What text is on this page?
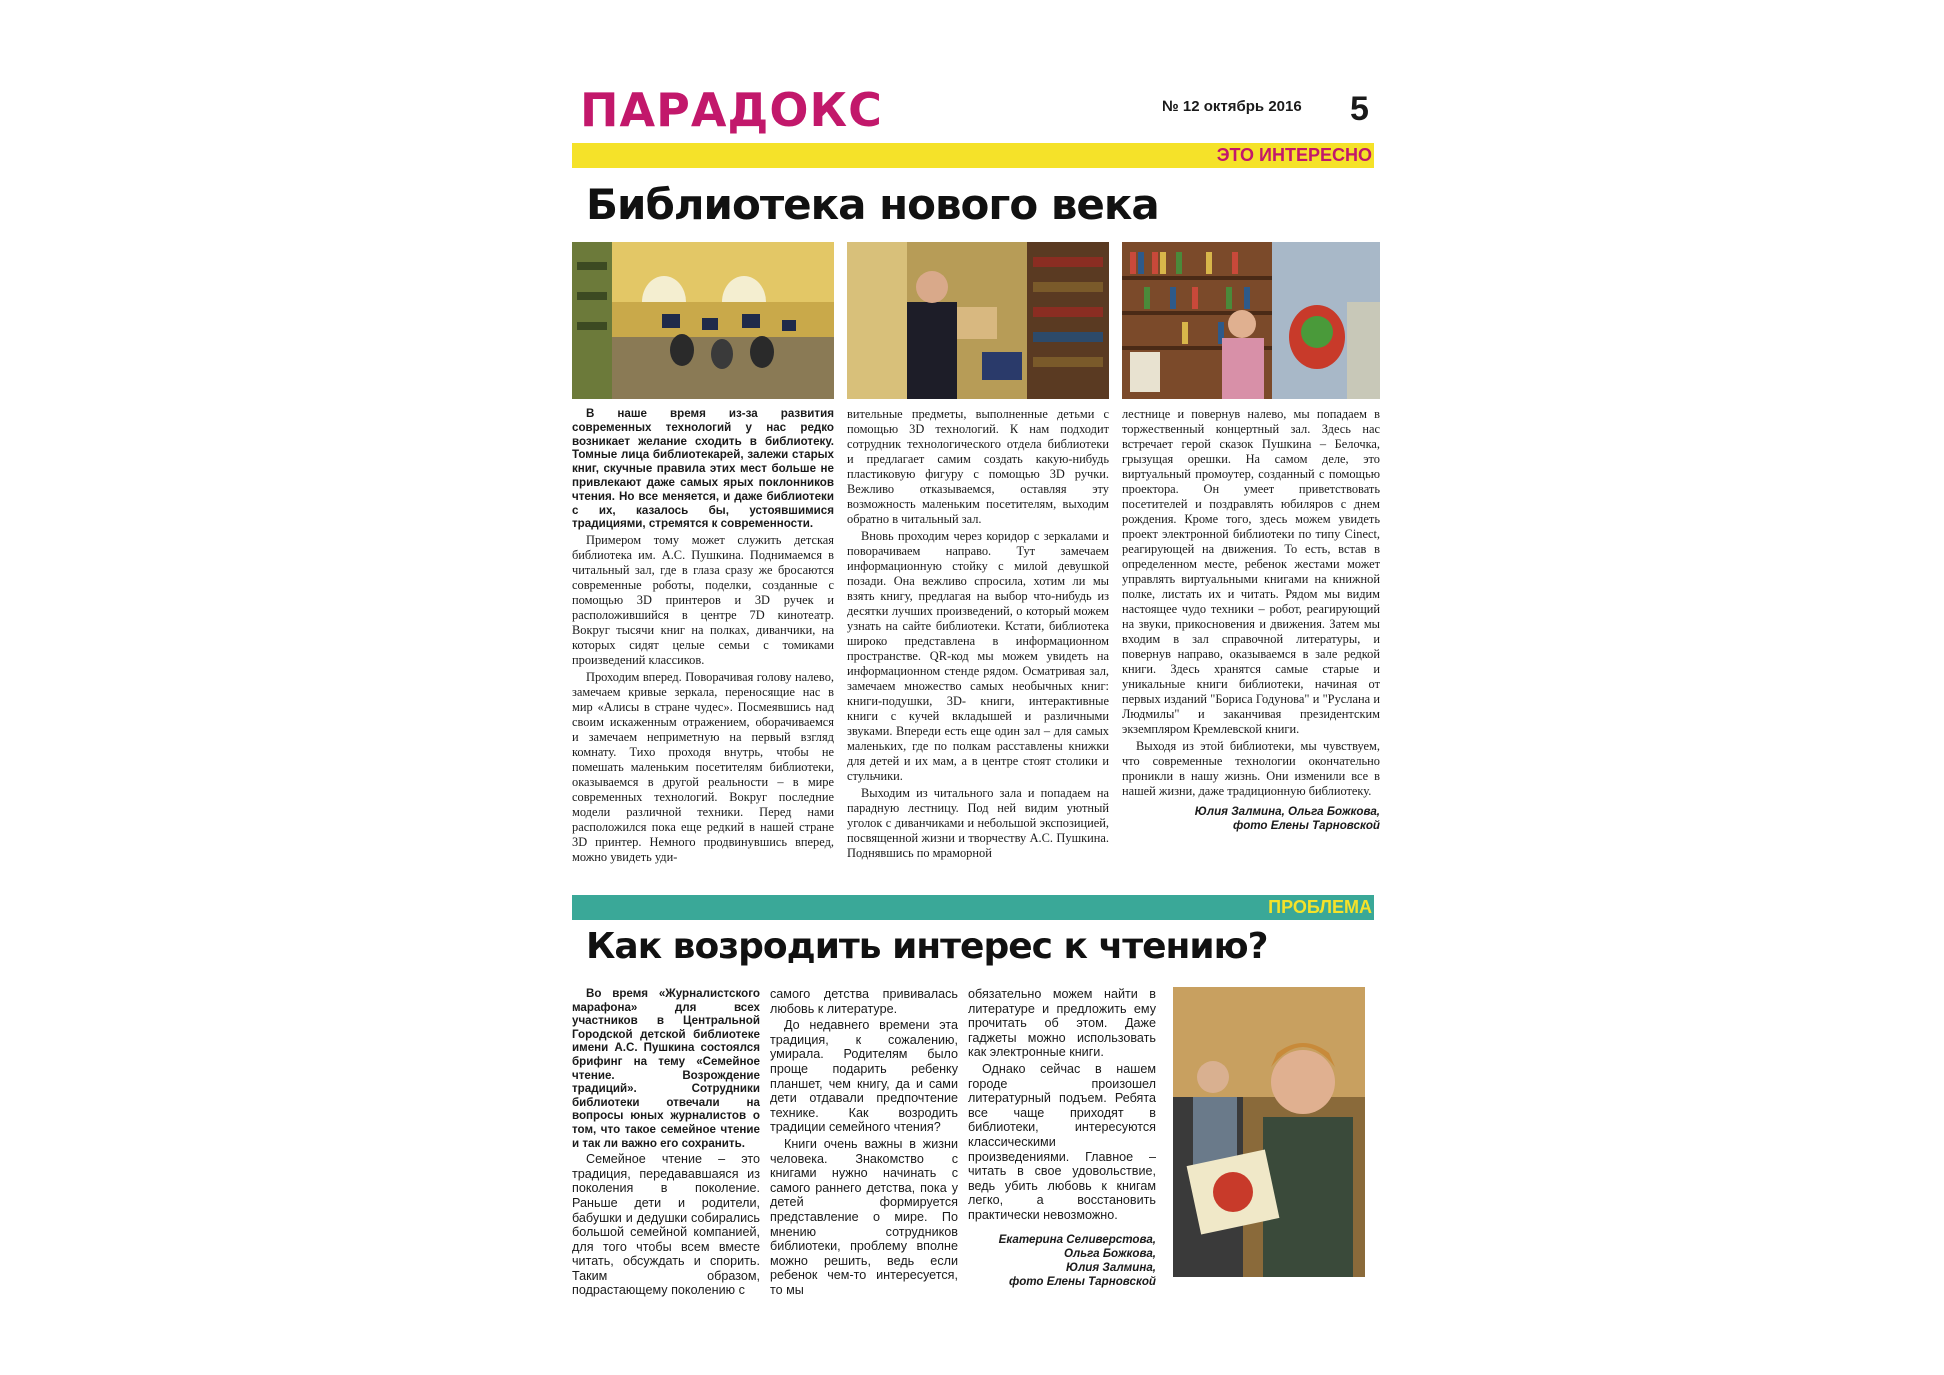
ПАРАДОКС	№ 12 октябрь 2016 5
ЭТО ИНТЕРЕСНО
Библиотека нового века

В наше время из-за развития современных технологий у нас редко возникает желание сходить в библиотеку. Томные лица библиотекарей, залежи старых книг, скучные правила этих мест больше не привлекают даже самых ярых поклонников чтения. Но все меняется, и даже библиотеки с их, казалось бы, устоявшимися традициями, стремятся к современности.

Примером тому может служить детская библиотека им. А.С. Пушкина. Поднимаемся в читальный зал, где в глаза сразу же бросаются современные роботы, поделки, созданные с помощью 3D принтеров и 3D ручек и расположившийся в центре 7D кинотеатр. Вокруг тысячи книг на полках, диванчики, на которых сидят целые семьи с томиками произведений классиков.

Проходим вперед. Поворачивая голову налево, замечаем кривые зеркала, переносящие нас в мир «Алисы в стране чудес». Посмеявшись над своим искаженным отражением, оборачиваемся и замечаем неприметную на первый взгляд комнату. Тихо проходя внутрь, чтобы не помешать маленьким посетителям библиотеки, оказываемся в другой реальности – в мире современных технологий. Вокруг последние модели различной техники. Перед нами расположился пока еще редкий в нашей стране 3D принтер. Немного продвинувшись вперед, можно увидеть уди-

вительные предметы, выполненные детьми с помощью 3D технологий. К нам подходит сотрудник технологического отдела библиотеки и предлагает самим создать какую-нибудь пластиковую фигуру с помощью 3D ручки. Вежливо отказываемся, оставляя эту возможность маленьким посетителям, выходим обратно в читальный зал.

Вновь проходим через коридор с зеркалами и поворачиваем направо. Тут замечаем информационную стойку с милой девушкой позади. Она вежливо спросила, хотим ли мы взять книгу, предлагая на выбор что-нибудь из десятки лучших произведений, о который можем узнать на сайте библиотеки. Кстати, библиотека широко представлена в информационном пространстве. QR-код мы можем увидеть на информационном стенде рядом. Осматривая зал, замечаем множество самых необычных книг: книги-подушки, 3D- книги, интерактивные книги с кучей вкладышей и различными звуками. Впереди есть еще один зал – для самых маленьких, где по полкам расставлены книжки для детей и их мам, а в центре стоят столики и стульчики.

Выходим из читального зала и попадаем на парадную лестницу. Под ней видим уютный уголок с диванчиками и небольшой экспозицией, посвященной жизни и творчеству А.С. Пушкина. Поднявшись по мраморной

лестнице и повернув налево, мы попадаем в торжественный концертный зал. Здесь нас встречает герой сказок Пушкина – Белочка, грызущая орешки. На самом деле, это виртуальный промоутер, созданный с помощью проектора. Он умеет приветствовать посетителей и поздравлять юбиляров с днем рождения. Кроме того, здесь можем увидеть проект электронной библиотеки по типу Cinect, реагирующей на движения. То есть, встав в определенном месте, ребенок жестами может управлять виртуальными книгами на книжной полке, листать их и читать. Рядом мы видим настоящее чудо техники – робот, реагирующий на звуки, прикосновения и движения. Затем мы входим в зал справочной литературы, и повернув направо, оказываемся в зале редкой книги. Здесь хранятся самые старые и уникальные книги библиотеки, начиная от первых изданий "Бориса Годунова" и "Руслана и Людмилы" и заканчивая президентским экземпляром Кремлевской книги.

Выходя из этой библиотеки, мы чувствуем, что современные технологии окончательно проникли в нашу жизнь. Они изменили все в нашей жизни, даже традиционную библиотеку.

Юлия Залмина, Ольга Божкова,
фото Елены Тарновской
ПРОБЛЕМА
Как возродить интерес к чтению?

Во время «Журналистского марафона» для всех участников в Центральной Городской детской библиотеке имени А.С. Пушкина состоялся брифинг на тему «Семейное чтение. Возрождение традиций». Сотрудники библиотеки отвечали на вопросы юных журналистов о том, что такое семейное чтение и так ли важно его сохранить.

Семейное чтение – это традиция, передававшаяся из поколения в поколение. Раньше дети и родители, бабушки и дедушки собирались большой семейной компанией, для того чтобы всем вместе читать, обсуждать и спорить. Таким образом, подрастающему поколению с

самого детства прививалась любовь к литературе.

До недавнего времени эта традиция, к сожалению, умирала. Родителям было проще подарить ребенку планшет, чем книгу, да и сами дети отдавали предпочтение технике. Как возродить традиции семейного чтения?

Книги очень важны в жизни человека. Знакомство с книгами нужно начинать с самого раннего детства, пока у детей формируется представление о мире. По мнению сотрудников библиотеки, проблему вполне можно решить, ведь если ребенок чем-то интересуется, то мы

обязательно можем найти в литературе и предложить ему прочитать об этом. Даже гаджеты можно использовать как электронные книги.

Однако сейчас в нашем городе произошел литературный подъем. Ребята все чаще приходят в библиотеки, интересуются классическими произведениями. Главное – читать в свое удовольствие, ведь убить любовь к книгам легко, а восстановить практически невозможно.

Екатерина Селиверстова,
Ольга Божкова,
Юлия Залмина,
фото Елены Тарновской
